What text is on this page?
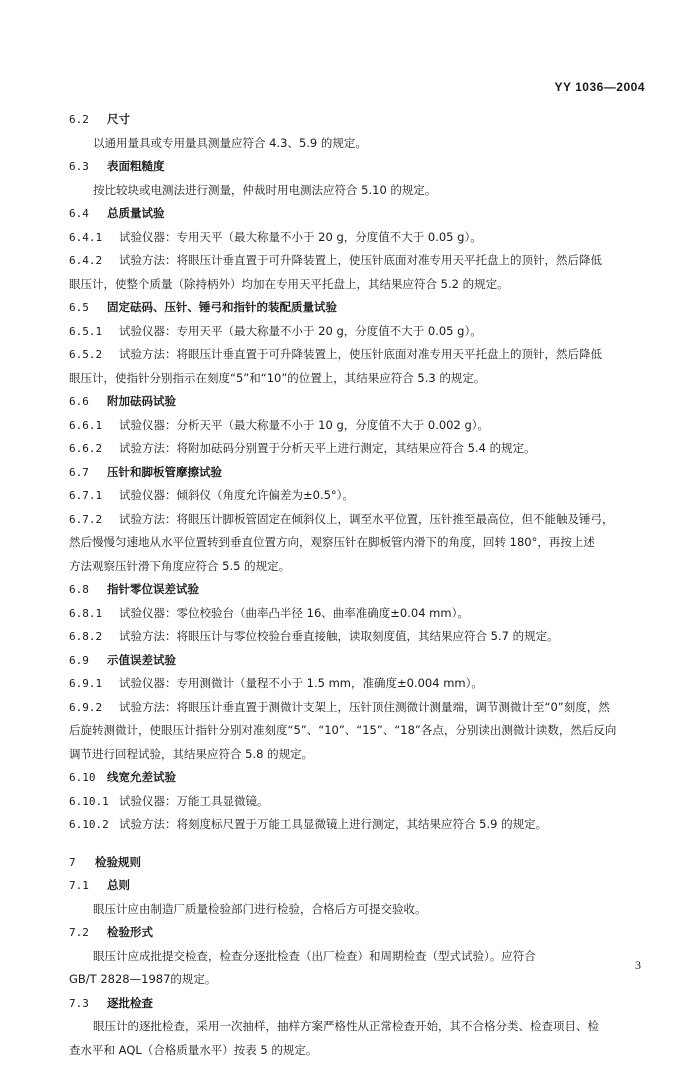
YY 1036—2004
6.2 尺寸
以通用量具或专用量具测量应符合 4.3、5.9 的规定。
6.3 表面粗糙度
按比较块或电测法进行测量，仲裁时用电测法应符合 5.10 的规定。
6.4 总质量试验
6.4.1 试验仪器：专用天平（最大称量不小于 20 g，分度值不大于 0.05 g）。
6.4.2 试验方法：将眼压计垂直置于可升降装置上，使压针底面对准专用天平托盘上的顶针，然后降低
眼压计，使整个质量（除持柄外）均加在专用天平托盘上，其结果应符合 5.2 的规定。
6.5 固定砝码、压针、锤弓和指针的装配质量试验
6.5.1 试验仪器：专用天平（最大称量不小于 20 g，分度值不大于 0.05 g）。
6.5.2 试验方法：将眼压计垂直置于可升降装置上，使压针底面对准专用天平托盘上的顶针，然后降低
眼压计，使指针分别指示在刻度“5”和“10”的位置上，其结果应符合 5.3 的规定。
6.6 附加砝码试验
6.6.1 试验仪器：分析天平（最大称量不小于 10 g，分度值不大于 0.002 g）。
6.6.2 试验方法：将附加砝码分别置于分析天平上进行测定，其结果应符合 5.4 的规定。
6.7 压针和脚板管摩擦试验
6.7.1 试验仪器：倾斜仪（角度允许偏差为±0.5°）。
6.7.2 试验方法：将眼压计脚板管固定在倾斜仪上，调至水平位置，压针推至最高位，但不能触及锤弓，
然后慢慢匀速地从水平位置转到垂直位置方向，观察压针在脚板管内滑下的角度，回转 180°，再按上述
方法观察压针滑下角度应符合 5.5 的规定。
6.8 指针零位误差试验
6.8.1 试验仪器：零位校验台（曲率凸半径 16、曲率准确度±0.04 mm）。
6.8.2 试验方法：将眼压计与零位校验台垂直接触，读取刻度值，其结果应符合 5.7 的规定。
6.9 示值误差试验
6.9.1 试验仪器：专用测微计（量程不小于 1.5 mm，准确度±0.004 mm）。
6.9.2 试验方法：将眼压计垂直置于测微计支架上，压针顶住测微计测量端，调节测微计至“0”刻度，然
后旋转测微计，使眼压计指针分别对准刻度“5”、“10”、“15”、“18”各点，分别读出测微计读数，然后反向
调节进行回程试验，其结果应符合 5.8 的规定。
6.10 线宽允差试验
6.10.1 试验仪器：万能工具显微镜。
6.10.2 试验方法：将刻度标尺置于万能工具显微镜上进行测定，其结果应符合 5.9 的规定。
7 检验规则
7.1 总则
眼压计应由制造厂质量检验部门进行检验，合格后方可提交验收。
7.2 检验形式
眼压计应成批提交检查，检查分逐批检查（出厂检查）和周期检查（型式试验）。应符合
GB/T 2828—1987的规定。
7.3 逐批检查
眼压计的逐批检查，采用一次抽样，抽样方案严格性从正常检查开始，其不合格分类、检查项目、检
查水平和 AQL（合格质量水平）按表 5 的规定。
3
